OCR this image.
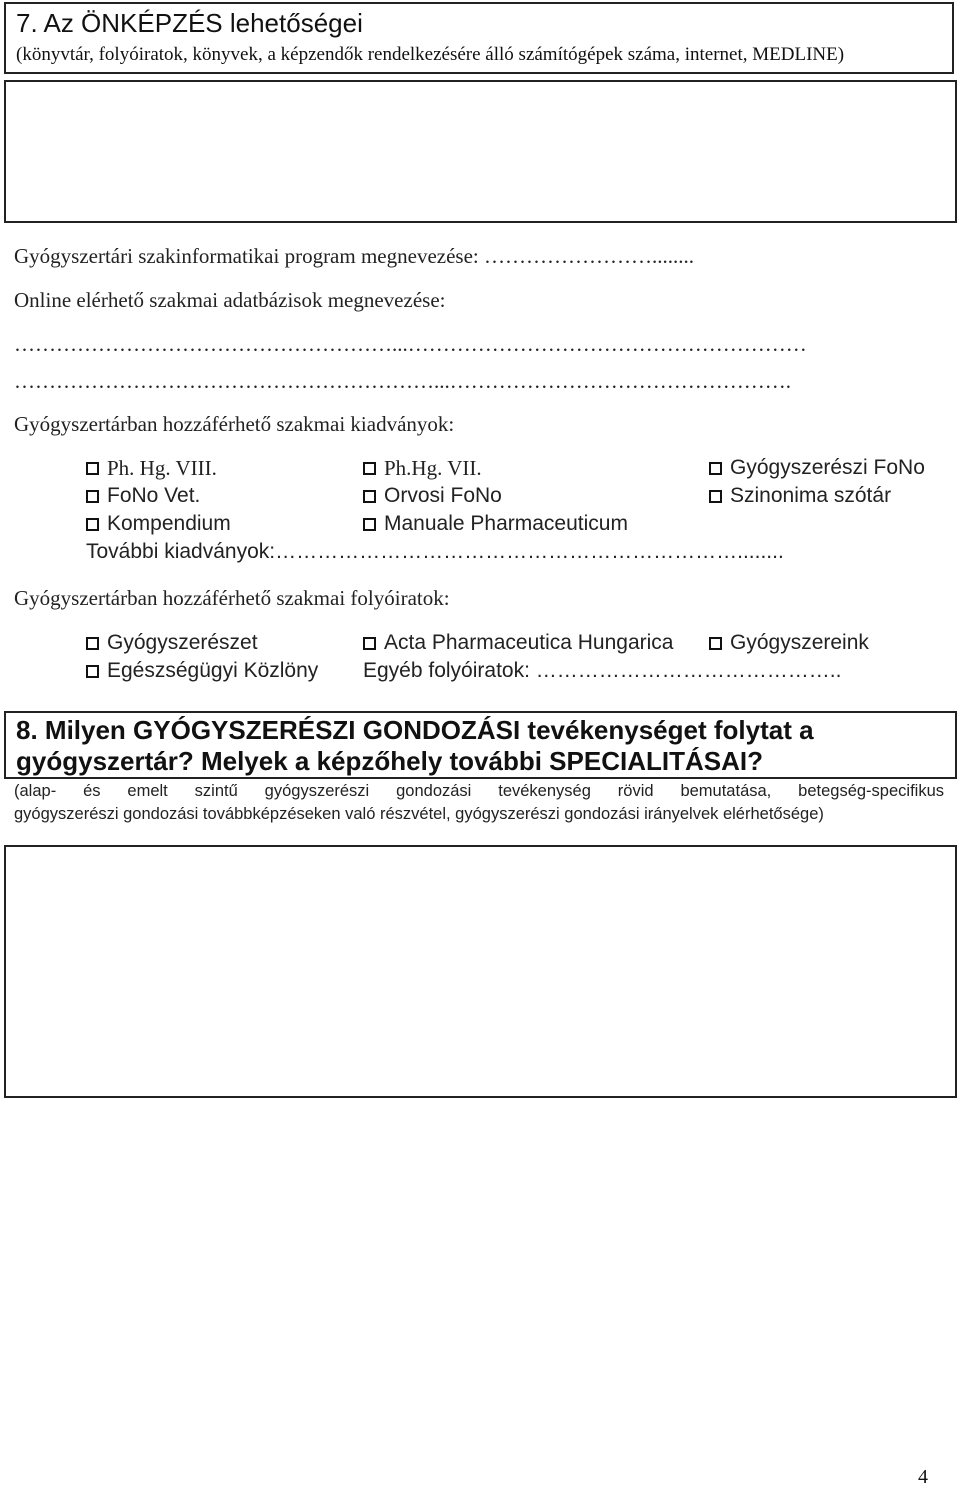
7. Az ÖNKÉPZÉS lehetőségei
(könyvtár, folyóiratok, könyvek, a képzendők rendelkezésére álló számítógépek száma, internet, MEDLINE)
Gyógyszertári szakinformatikai program megnevezése: ……………………........
Online elérhető szakmai adatbázisok megnevezése:
………………………………………………...…………………………………………………
……………………………………………………...………………………………………….
Gyógyszertárban hozzáférhető szakmai kiadványok:
Ph. Hg. VIII.	Ph.Hg. VII.	Gyógyszerészi FoNo
FoNo Vet.	Orvosi FoNo	Szinonima szótár
Kompendium	Manuale Pharmaceuticum
További kiadványok:…………………………………………………………........
Gyógyszertárban hozzáférhető szakmai folyóiratok:
Gyógyszerészet	Acta Pharmaceutica Hungarica	Gyógyszereink
Egészségügyi Közlöny Egyéb folyóiratok: ……………………………………..
8. Milyen GYÓGYSZERÉSZI GONDOZÁSI tevékenységet folytat a
gyógyszertár? Melyek a képzőhely további SPECIALITÁSAI?
(alap- és emelt szintű gyógyszerészi gondozási tevékenység rövid bemutatása, betegség-specifikus
gyógyszerészi gondozási továbbképzéseken való részvétel, gyógyszerészi gondozási irányelvek elérhetősége)
4
